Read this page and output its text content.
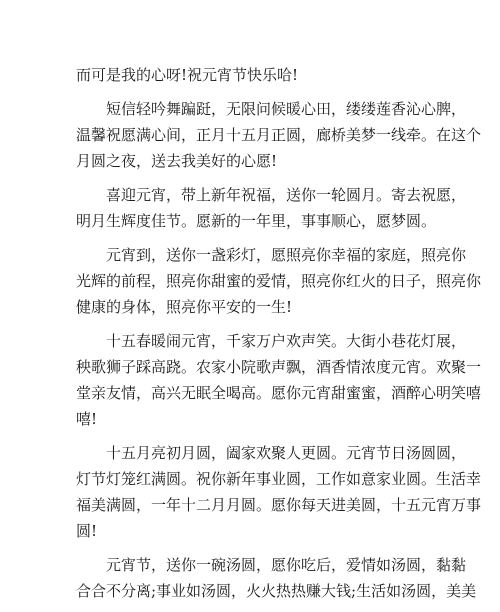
而可是我的心呀!祝元宵节快乐哈!
短信轻吟舞蹁跹，无限问候暖心田，缕缕莲香沁心脾，
温馨祝愿满心间，正月十五月正圆，廊桥美梦一线牵。在这个
月圆之夜，送去我美好的心愿!
喜迎元宵，带上新年祝福，送你一轮圆月。寄去祝愿，
明月生辉度佳节。愿新的一年里，事事顺心，愿梦圆。
元宵到，送你一盏彩灯，愿照亮你幸福的家庭，照亮你
光辉的前程，照亮你甜蜜的爱情，照亮你红火的日子，照亮你
健康的身体，照亮你平安的一生!
十五春暖闹元宵，千家万户欢声笑。大街小巷花灯展，
秧歌狮子踩高跷。农家小院歌声飘，酒香情浓度元宵。欢聚一
堂亲友情，高兴无眠全喝高。愿你元宵甜蜜蜜，酒醉心明笑嘻
嘻!
十五月亮初月圆，阖家欢聚人更圆。元宵节日汤圆圆，
灯节灯笼红满圆。祝你新年事业圆，工作如意家业圆。生活幸
福美满圆，一年十二月月圆。愿你每天进美圆，十五元宵万事
圆!
元宵节，送你一碗汤圆，愿你吃后，爱情如汤圆，黏黏
合合不分离;事业如汤圆，火火热热赚大钱;生活如汤圆，美美
